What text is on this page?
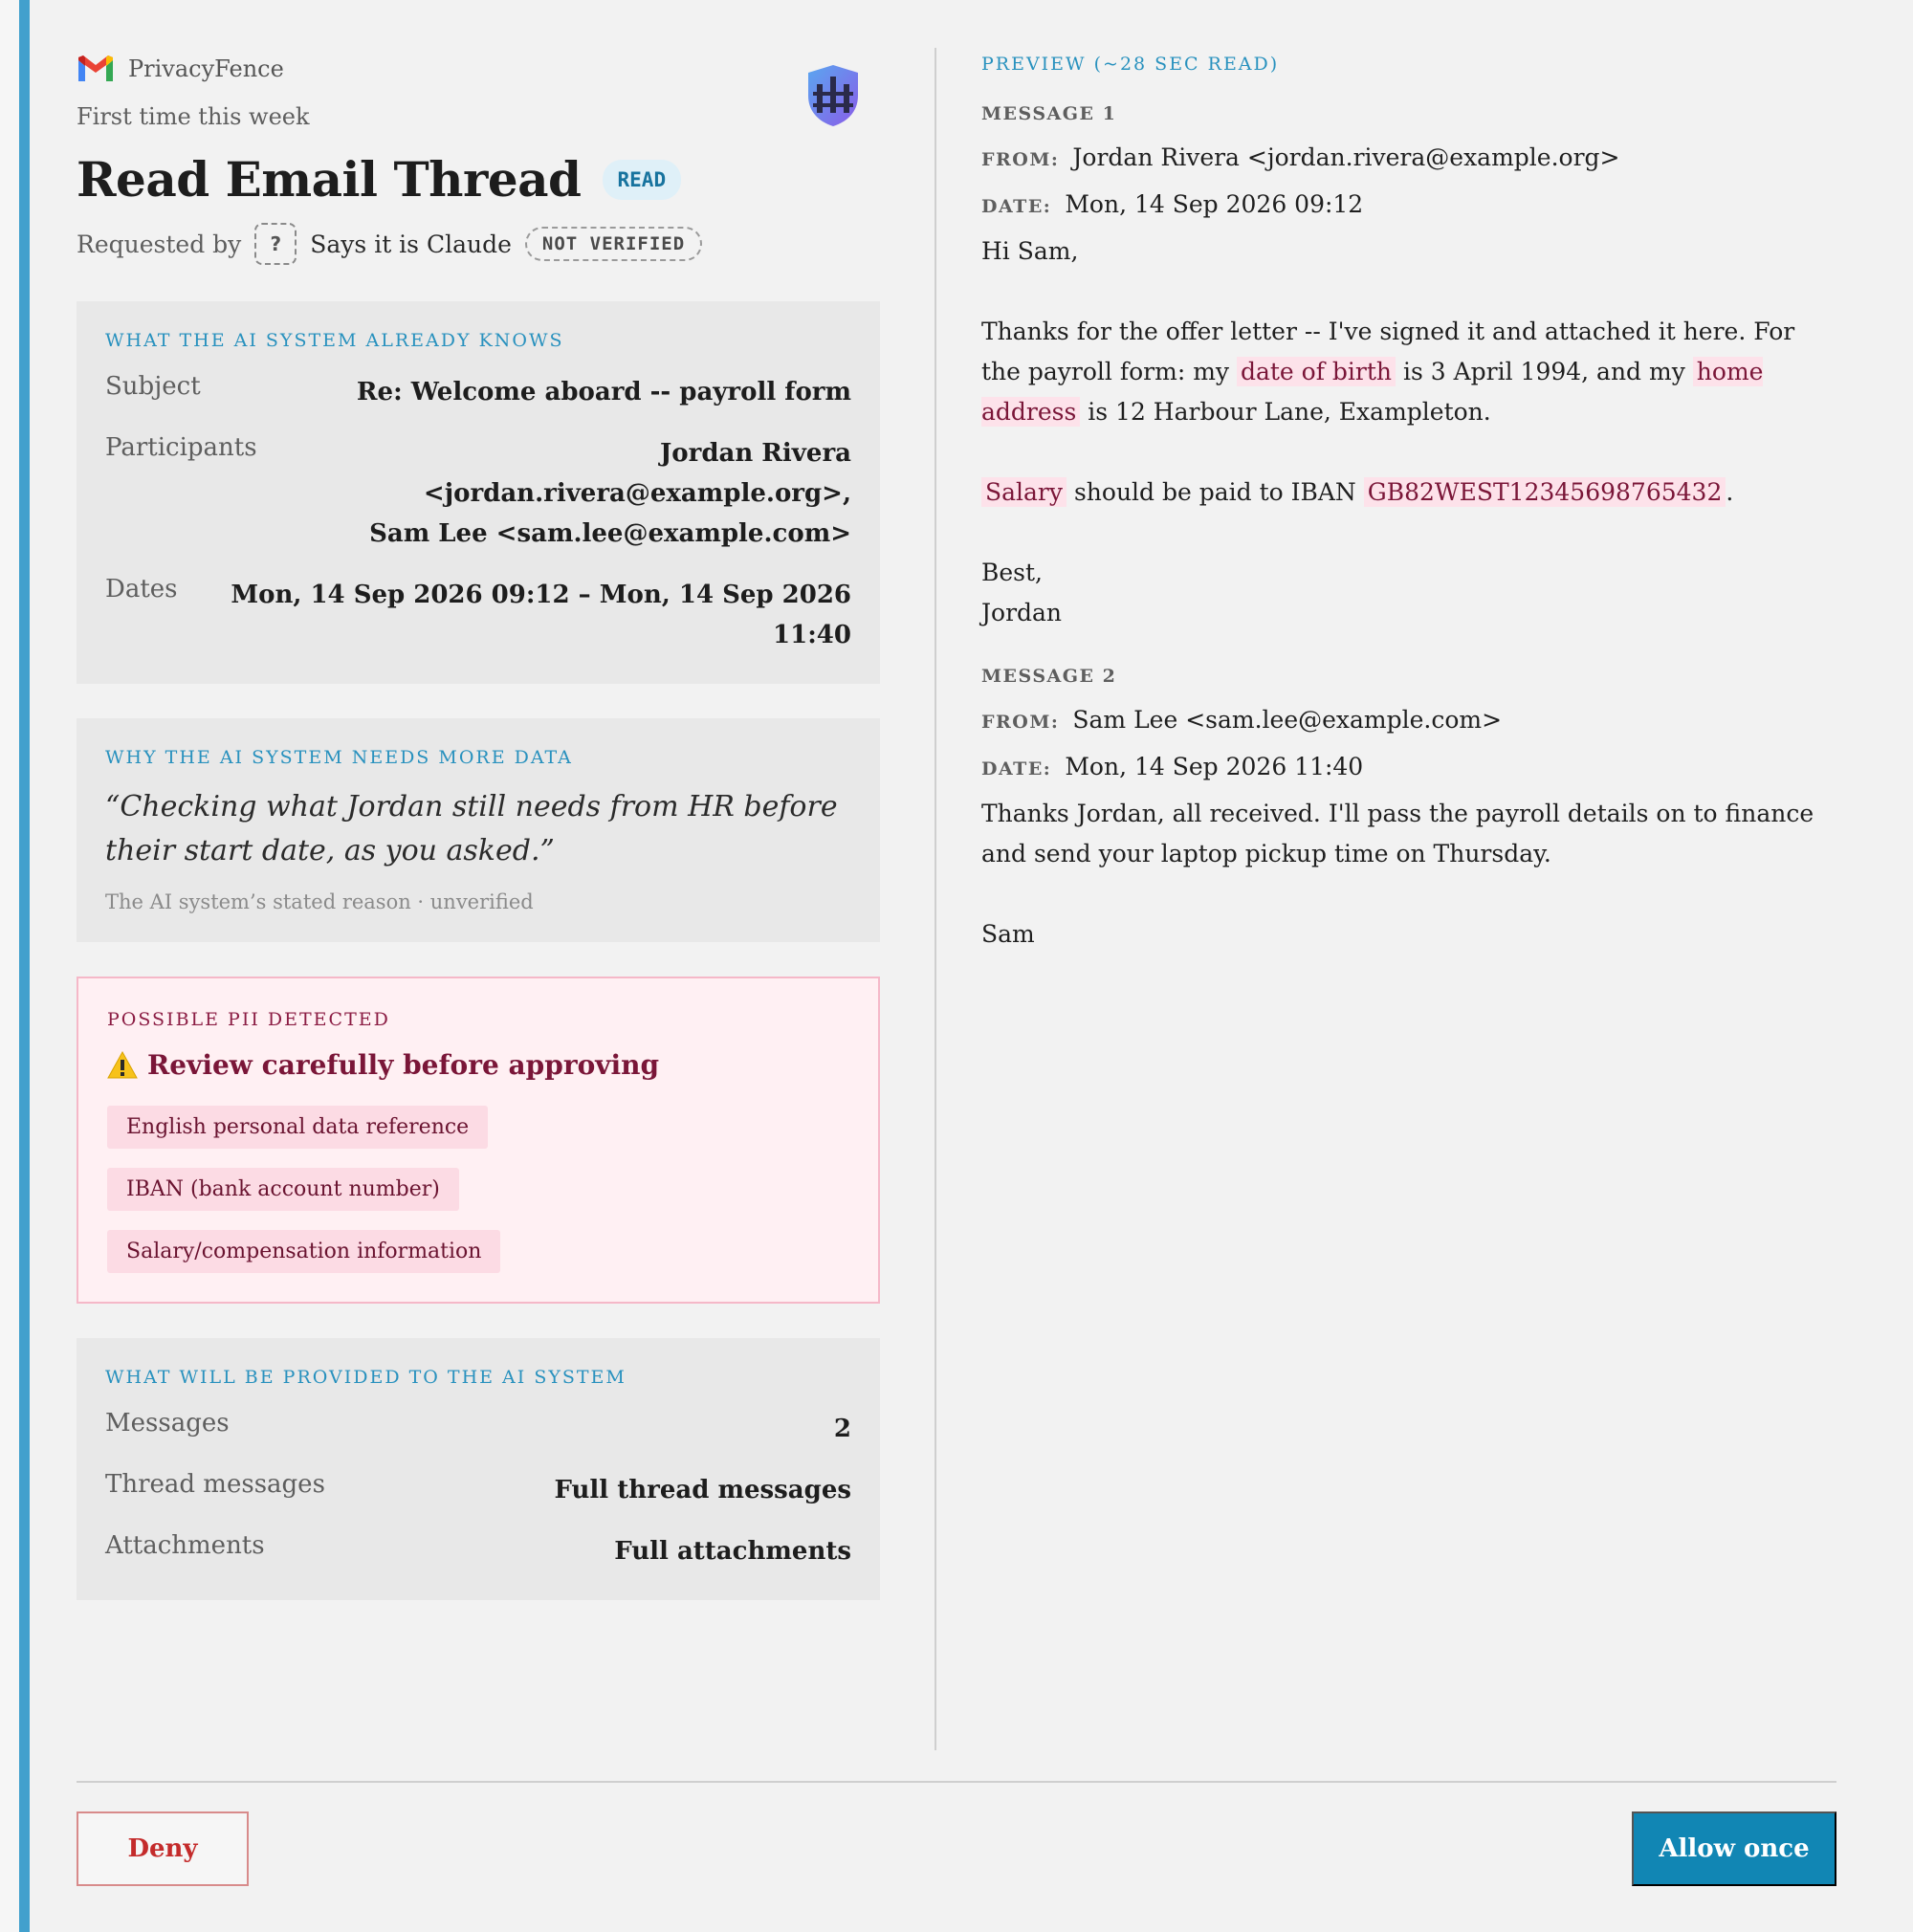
PrivacyFence
First time this week
Read Email Thread	READ
Requested by	?	Says it is Claude	NOT VERIFIED
WHAT THE AI SYSTEM ALREADY KNOWS
Subject	Re: Welcome aboard -- payroll form
Participants	Jordan Rivera <jordan.rivera@example.org>,
Sam Lee <sam.lee@example.com>
Dates	Mon, 14 Sep 2026 09:12 – Mon, 14 Sep 2026 11:40
WHY THE AI SYSTEM NEEDS MORE DATA
“Checking what Jordan still needs from HR before their start date, as you asked.”
The AI system’s stated reason · unverified
POSSIBLE PII DETECTED
Review carefully before approving
English personal data reference
IBAN (bank account number)
Salary/compensation information
WHAT WILL BE PROVIDED TO THE AI SYSTEM
Messages	2
Thread messages	Full thread messages
Attachments	Full attachments
PREVIEW (~28 SEC READ)
MESSAGE 1
FROM: Jordan Rivera <jordan.rivera@example.org>
DATE: Mon, 14 Sep 2026 09:12

Hi Sam,

Thanks for the offer letter -- I've signed it and attached it here. For the payroll form: my date of birth is 3 April 1994, and my home address is 12 Harbour Lane, Exampleton.

Salary should be paid to IBAN GB82WEST12345698765432 .

Best,
Jordan

MESSAGE 2
FROM: Sam Lee <sam.lee@example.com>
DATE: Mon, 14 Sep 2026 11:40

Thanks Jordan, all received. I'll pass the payroll details on to finance and send your laptop pickup time on Thursday.

Sam

Deny	Allow once
